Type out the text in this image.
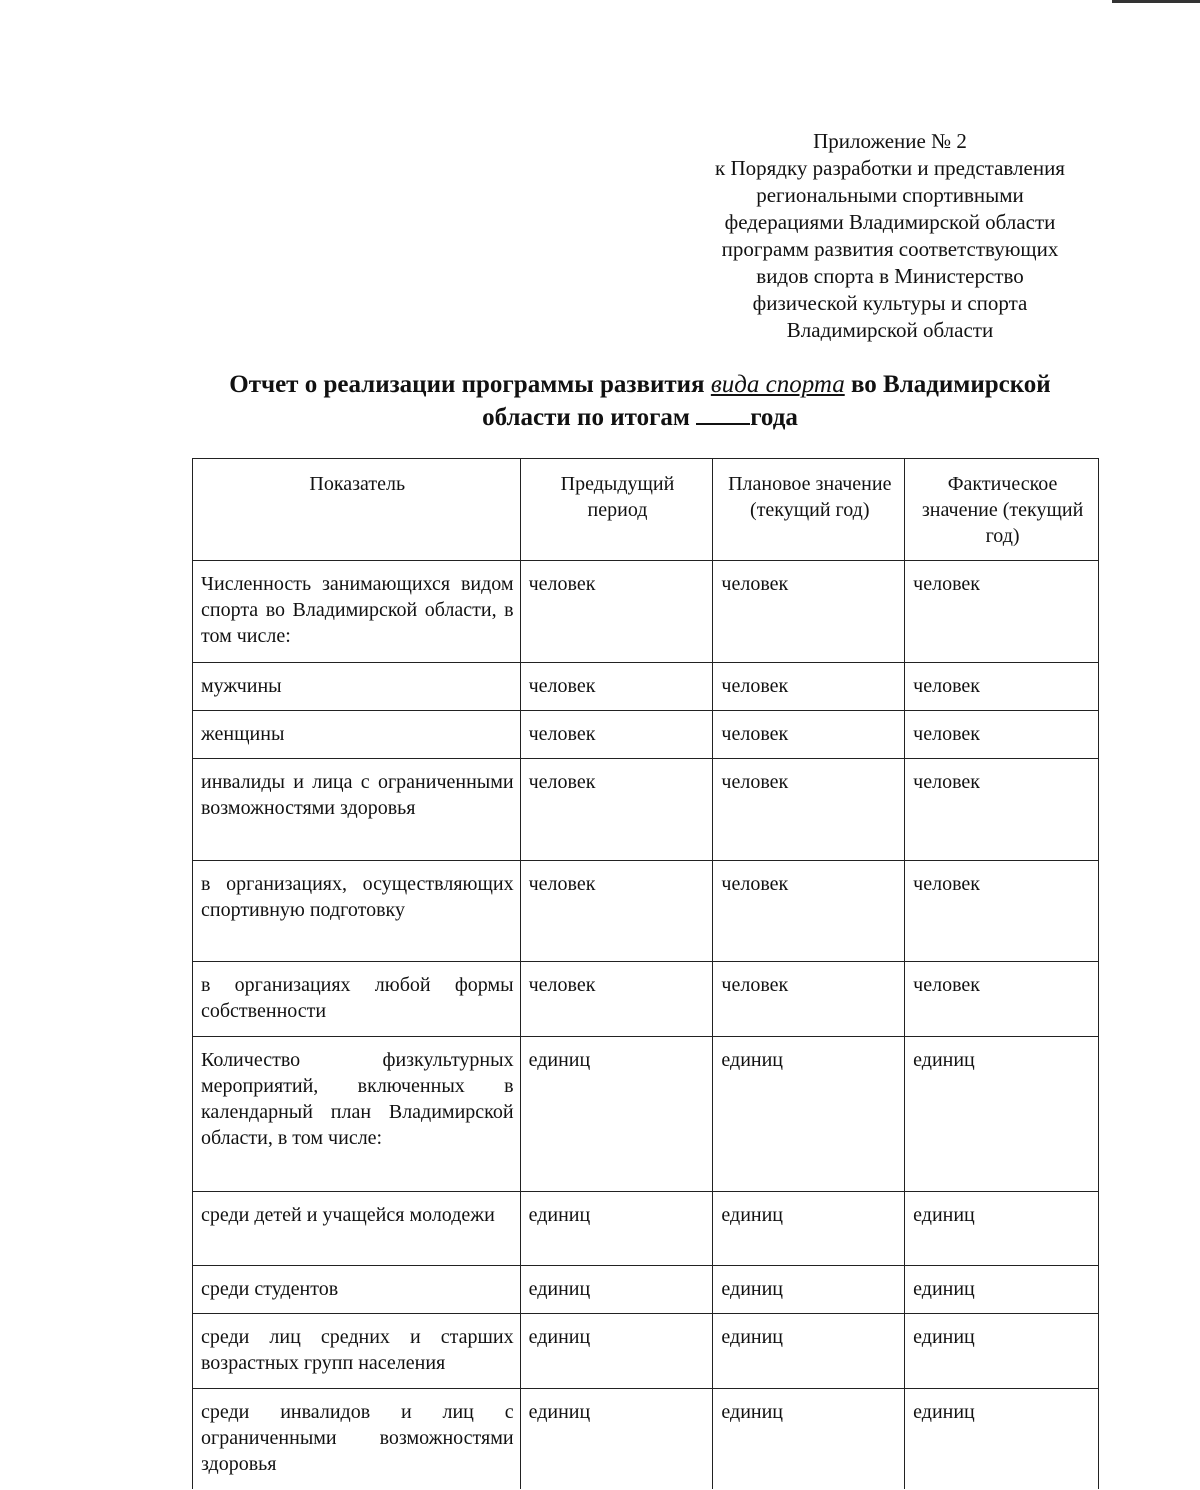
Приложение № 2
к Порядку разработки и представления
региональными спортивными
федерациями Владимирской области
программ развития соответствующих
видов спорта в Министерство
физической культуры и спорта
Владимирской области
Отчет о реализации программы развития вида спорта во Владимирской
области по итогам года
Показатель	Предыдущий период	Плановое значение (текущий год)	Фактическое значение (текущий год)
Численность занимающихся видом спорта во Владимирской области, в том числе:	человек	человек	человек
мужчины	человек	человек	человек
женщины	человек	человек	человек
инвалиды и лица с ограниченными возможностями здоровья	человек	человек	человек
в организациях, осуществляющих спортивную подготовку	человек	человек	человек
в организациях любой формы собственности	человек	человек	человек
Количество физкультурных мероприятий, включенных в календарный план Владимирской области, в том числе:	единиц	единиц	единиц
среди детей и учащейся молодежи	единиц	единиц	единиц
среди студентов	единиц	единиц	единиц
среди лиц средних и старших возрастных групп населения	единиц	единиц	единиц
среди инвалидов и лиц с ограниченными возможностями здоровья	единиц	единиц	единиц
